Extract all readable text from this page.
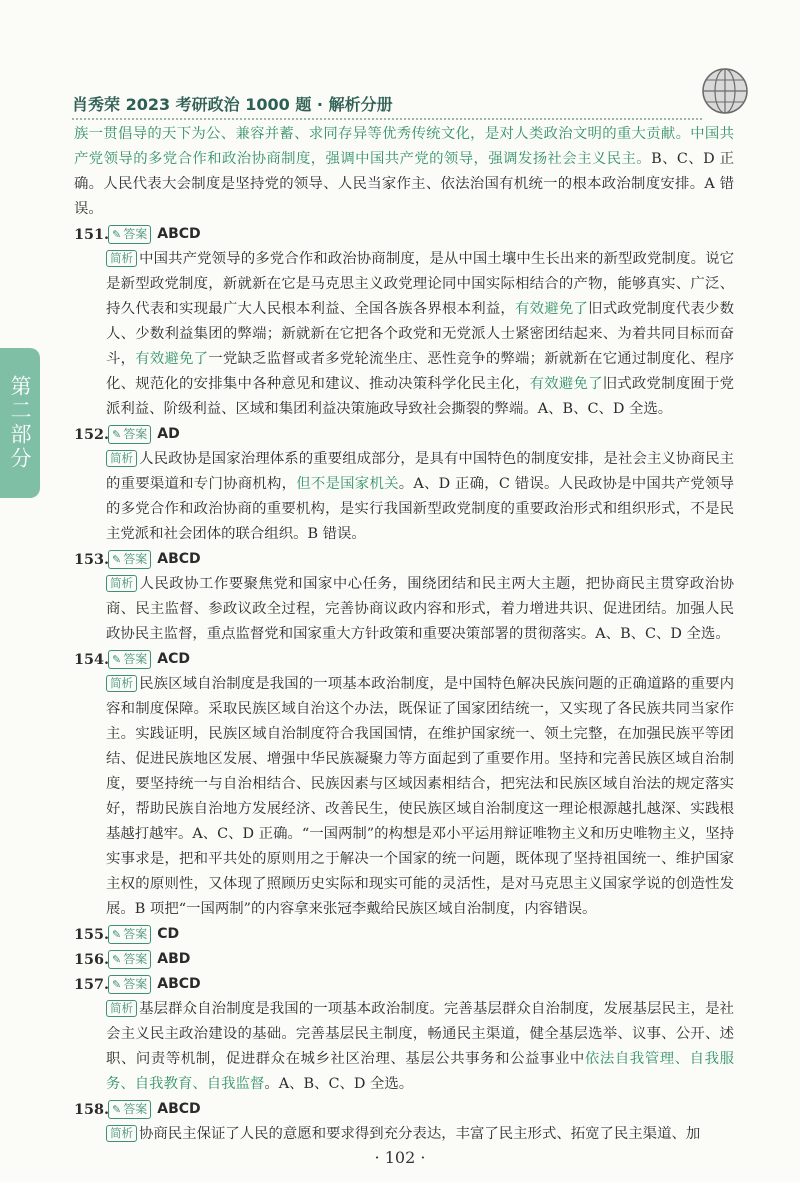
肖秀荣 2023 考研政治 1000 题 · 解析分册
第二部分

族一贯倡导的天下为公、兼容并蓄、求同存异等优秀传统文化，是对人类政治文明的重大贡献。中国共产党领导的多党合作和政治协商制度，强调中国共产党的领导，强调发扬社会主义民主。B、C、D 正确。人民代表大会制度是坚持党的领导、人民当家作主、依法治国有机统一的根本政治制度安排。A 错误。

151. ✎ 答案 ABCD

简析 中国共产党领导的多党合作和政治协商制度，是从中国土壤中生长出来的新型政党制度。说它是新型政党制度，新就新在它是马克思主义政党理论同中国实际相结合的产物，能够真实、广泛、持久代表和实现最广大人民根本利益、全国各族各界根本利益，有效避免了旧式政党制度代表少数人、少数利益集团的弊端；新就新在它把各个政党和无党派人士紧密团结起来、为着共同目标而奋斗，有效避免了一党缺乏监督或者多党轮流坐庄、恶性竞争的弊端；新就新在它通过制度化、程序化、规范化的安排集中各种意见和建议、推动决策科学化民主化，有效避免了旧式政党制度囿于党派利益、阶级利益、区域和集团利益决策施政导致社会撕裂的弊端。A、B、C、D 全选。

152. ✎ 答案 AD

简析 人民政协是国家治理体系的重要组成部分，是具有中国特色的制度安排，是社会主义协商民主的重要渠道和专门协商机构，但不是国家机关。A、D 正确，C 错误。人民政协是中国共产党领导的多党合作和政治协商的重要机构，是实行我国新型政党制度的重要政治形式和组织形式，不是民主党派和社会团体的联合组织。B 错误。

153. ✎ 答案 ABCD

简析 人民政协工作要聚焦党和国家中心任务，围绕团结和民主两大主题，把协商民主贯穿政治协商、民主监督、参政议政全过程，完善协商议政内容和形式，着力增进共识、促进团结。加强人民政协民主监督，重点监督党和国家重大方针政策和重要决策部署的贯彻落实。A、B、C、D 全选。

154. ✎ 答案 ACD

简析 民族区域自治制度是我国的一项基本政治制度，是中国特色解决民族问题的正确道路的重要内容和制度保障。采取民族区域自治这个办法，既保证了国家团结统一，又实现了各民族共同当家作主。实践证明，民族区域自治制度符合我国国情，在维护国家统一、领土完整，在加强民族平等团结、促进民族地区发展、增强中华民族凝聚力等方面起到了重要作用。坚持和完善民族区域自治制度，要坚持统一与自治相结合、民族因素与区域因素相结合，把宪法和民族区域自治法的规定落实好，帮助民族自治地方发展经济、改善民生，使民族区域自治制度这一理论根源越扎越深、实践根基越打越牢。A、C、D 正确。“一国两制”的构想是邓小平运用辩证唯物主义和历史唯物主义，坚持实事求是，把和平共处的原则用之于解决一个国家的统一问题，既体现了坚持祖国统一、维护国家主权的原则性，又体现了照顾历史实际和现实可能的灵活性，是对马克思主义国家学说的创造性发展。B 项把“一国两制”的内容拿来张冠李戴给民族区域自治制度，内容错误。

155. ✎ 答案 CD
156. ✎ 答案 ABD
157. ✎ 答案 ABCD

简析 基层群众自治制度是我国的一项基本政治制度。完善基层群众自治制度，发展基层民主，是社会主义民主政治建设的基础。完善基层民主制度，畅通民主渠道，健全基层选举、议事、公开、述职、问责等机制，促进群众在城乡社区治理、基层公共事务和公益事业中依法自我管理、自我服务、自我教育、自我监督。A、B、C、D 全选。

158. ✎ 答案 ABCD

简析 协商民主保证了人民的意愿和要求得到充分表达，丰富了民主形式、拓宽了民主渠道、加

· 102 ·
